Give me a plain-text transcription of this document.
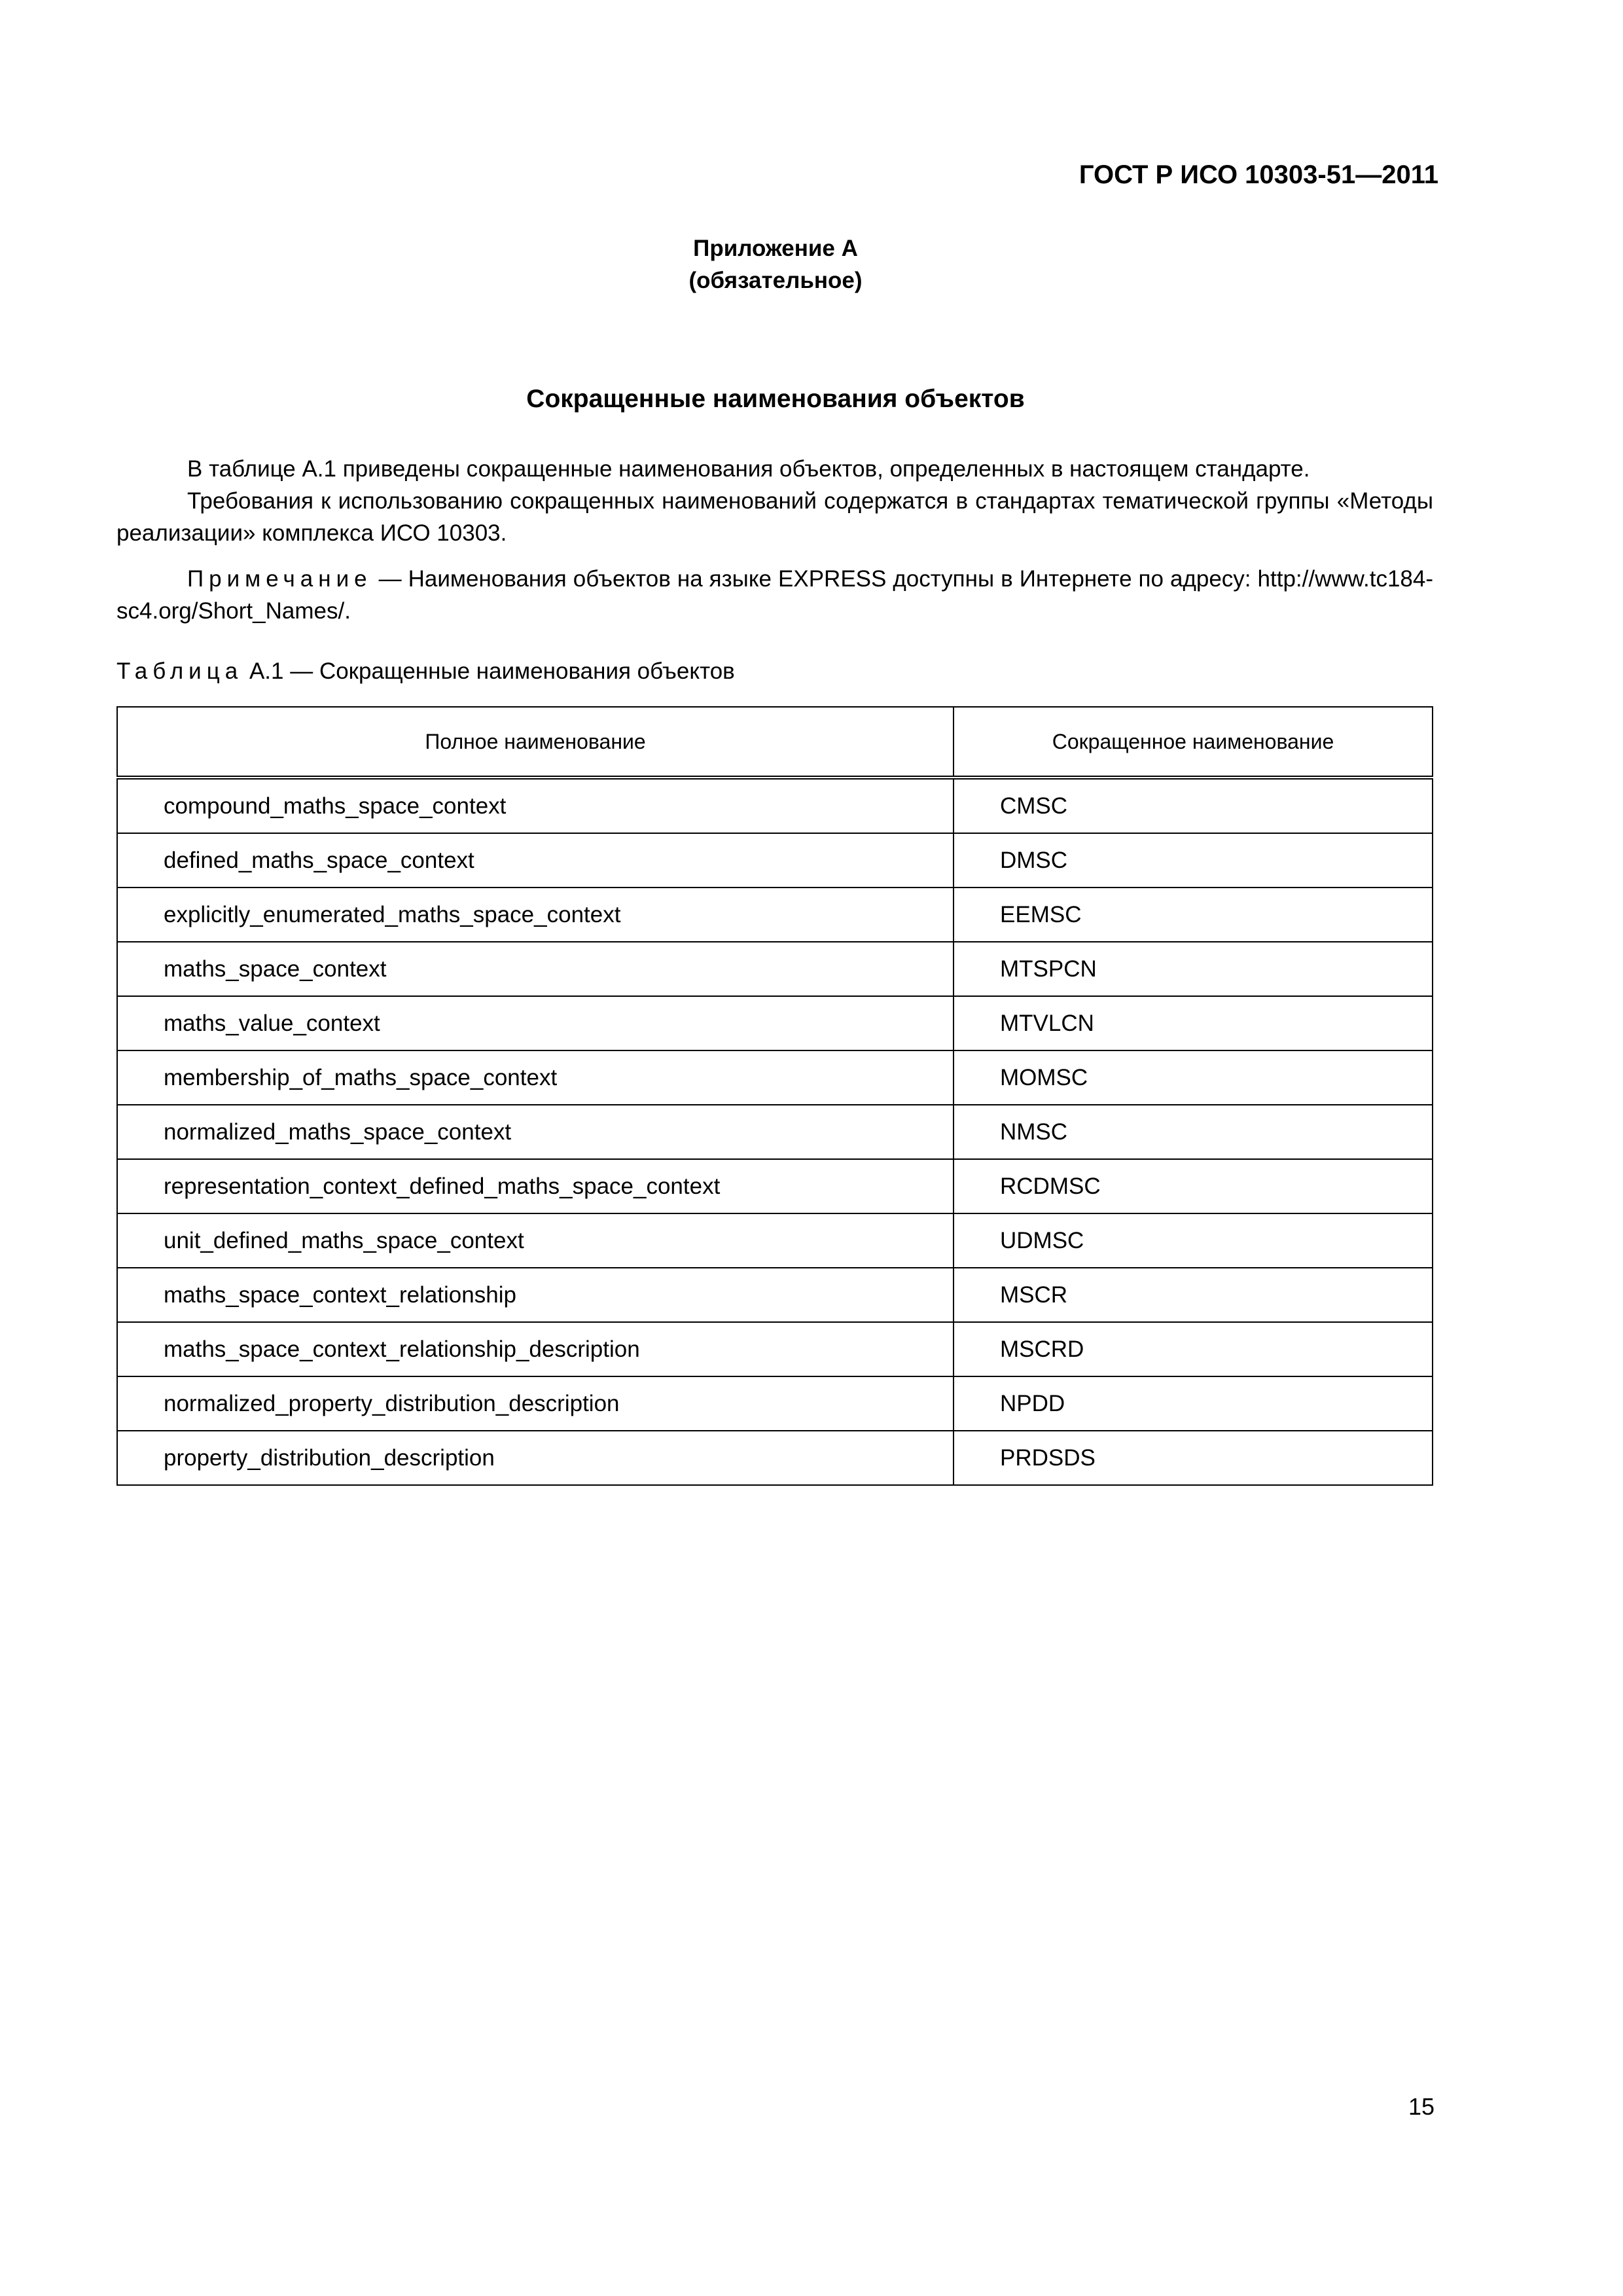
ГОСТ Р ИСО 10303-51—2011
Приложение А
(обязательное)
Сокращенные наименования объектов
В таблице А.1 приведены сокращенные наименования объектов, определенных в настоящем стандарте.
Требования к использованию сокращенных наименований содержатся в стандартах тематической группы «Методы реализации» комплекса ИСО 10303.
Примечание — Наименования объектов на языке EXPRESS доступны в Интернете по адресу: http://www.tc184-sc4.org/Short_Names/.
Таблица А.1 — Сокращенные наименования объектов
Полное наименование	Сокращенное наименование
compound_maths_space_context	CMSC
defined_maths_space_context	DMSC
explicitly_enumerated_maths_space_context	EEMSC
maths_space_context	MTSPCN
maths_value_context	MTVLCN
membership_of_maths_space_context	MOMSC
normalized_maths_space_context	NMSC
representation_context_defined_maths_space_context	RCDMSC
unit_defined_maths_space_context	UDMSC
maths_space_context_relationship	MSCR
maths_space_context_relationship_description	MSCRD
normalized_property_distribution_description	NPDD
property_distribution_description	PRDSDS
15
